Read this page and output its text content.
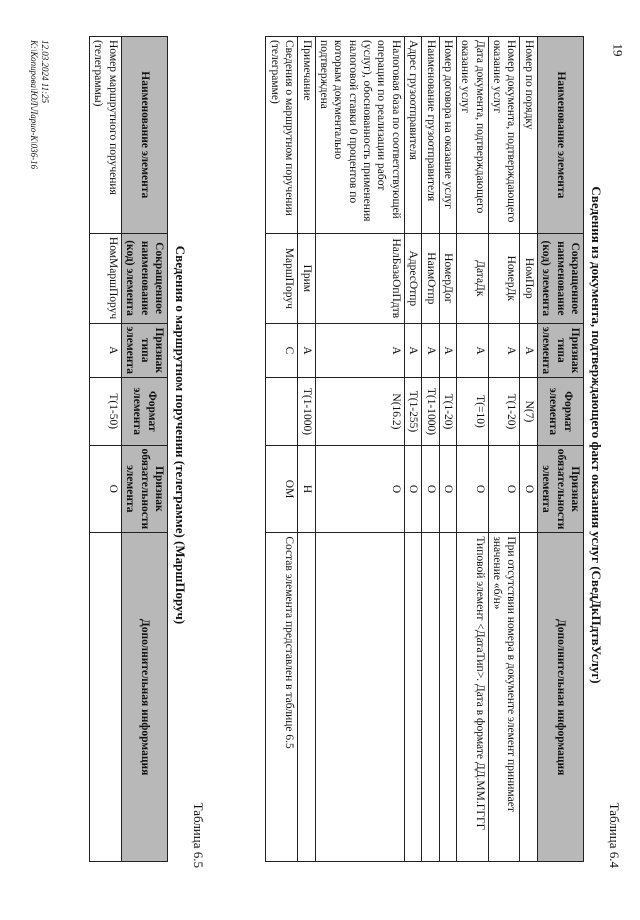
19
Таблица 6.4
Сведения из документа, подтверждающего факт оказания услуг (СведДкПдтвУслуг)
Наименование элемента	Сокращенное наименование (код) элемента	Признак типа элемента	Формат элемента	Признак обязательности элемента	Дополнительная информация
Номер по порядку	НомПор	А	N(7)	О	
Номер документа, подтверждающего оказание услуг	НомерДк	А	Т(1-20)	О	При отсутствии номера в документе элемент принимает значение «б/н»
Дата документа, подтверждающего оказание услуг	ДатаДк	А	Т(=10)	О	Типовой элемент <ДатаТип>. Дата в формате ДД.ММ.ГГГГ
Номер договора на оказание услуг	НомерДог	А	Т(1-20)	О	
Наименование грузоотправителя	НаимОтпр	А	Т(1-1000)	О	
Адрес грузоотправителя	АдресОтпр	А	Т(1-255)	О	
Налоговая база по соответствующей операции по реализации работ (услуг), обоснованность применения налоговой ставки 0 процентов по которым документально подтверждена	НалБазаОпПдтв	А	N(16.2)	О	
Примечание	Прим	А	Т(1-1000)	Н	
Сведения о маршрутном поручении (телеграмме)	МаршПоруч	С		ОМ	Состав элемента представлен в таблице 6.5
Таблица 6.5
Сведения о маршрутном поручении (телеграмме) (МаршПоруч)
Наименование элемента	Сокращенное наименование (код) элемента	Признак типа элемента	Формат элемента	Признак обязательности элемента	Дополнительная информация
Номер маршрутного поручения (телеграммы)	НомМаршПоруч	А	Т(1-50)	О	
12.03.2024 11:25
К:\Копирова\ЮЛ\Ларио-К\036-16
